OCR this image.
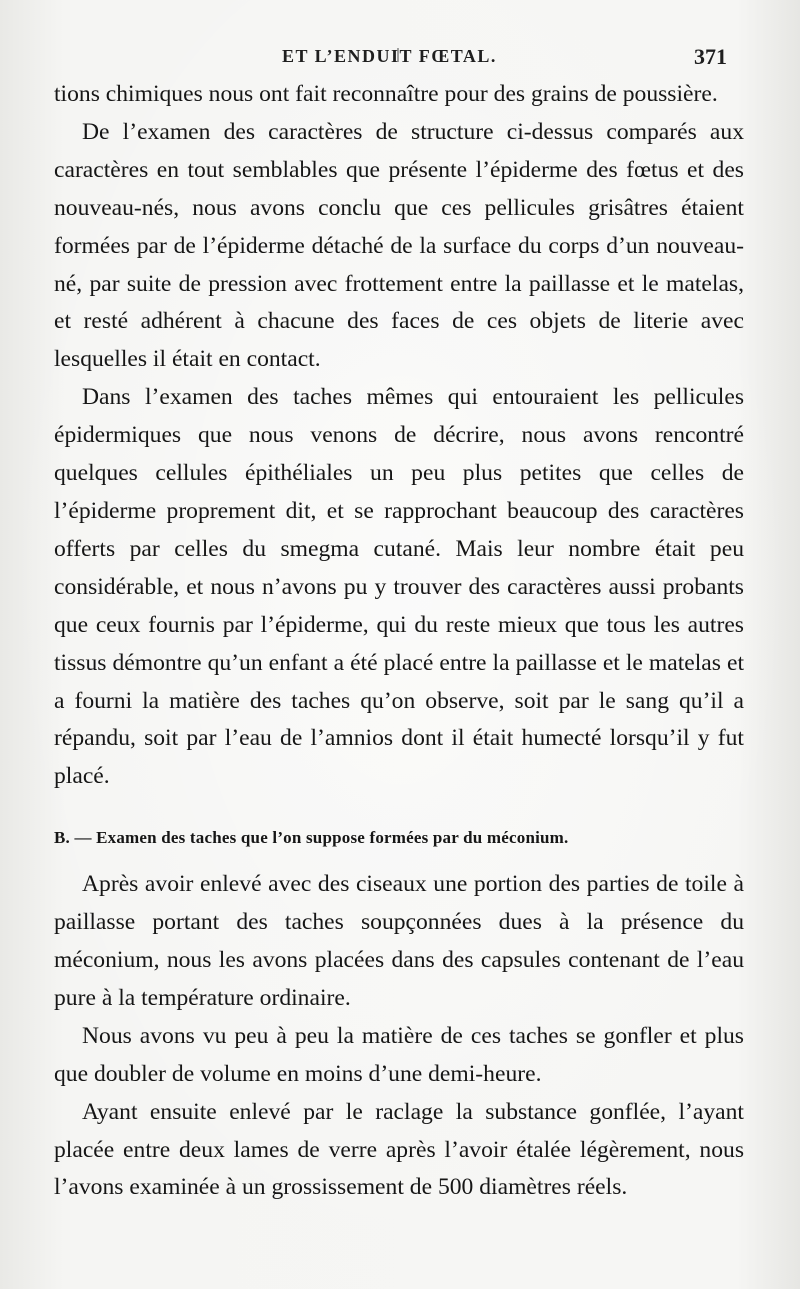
ET L’ENDUIT FŒTAL.	371

tions chimiques nous ont fait reconnaître pour des grains de poussière.

De l’examen des caractères de structure ci-dessus comparés aux caractères en tout semblables que présente l’épiderme des fœtus et des nouveau-nés, nous avons conclu que ces pellicules grisâtres étaient formées par de l’épiderme détaché de la surface du corps d’un nouveau-né, par suite de pression avec frottement entre la paillasse et le matelas, et resté adhérent à chacune des faces de ces objets de literie avec lesquelles il était en contact.

Dans l’examen des taches mêmes qui entouraient les pellicules épidermiques que nous venons de décrire, nous avons rencontré quelques cellules épithéliales un peu plus petites que celles de l’épiderme proprement dit, et se rapprochant beaucoup des caractères offerts par celles du smegma cutané. Mais leur nombre était peu considérable, et nous n’avons pu y trouver des caractères aussi probants que ceux fournis par l’épiderme, qui du reste mieux que tous les autres tissus démontre qu’un enfant a été placé entre la paillasse et le matelas et a fourni la matière des taches qu’on observe, soit par le sang qu’il a répandu, soit par l’eau de l’amnios dont il était humecté lorsqu’il y fut placé.

B. — Examen des taches que l’on suppose formées par du méconium.

Après avoir enlevé avec des ciseaux une portion des parties de toile à paillasse portant des taches soupçonnées dues à la présence du méconium, nous les avons placées dans des capsules contenant de l’eau pure à la température ordinaire.

Nous avons vu peu à peu la matière de ces taches se gonfler et plus que doubler de volume en moins d’une demi-heure.

Ayant ensuite enlevé par le raclage la substance gonflée, l’ayant placée entre deux lames de verre après l’avoir étalée légèrement, nous l’avons examinée à un grossissement de 500 diamètres réels.
